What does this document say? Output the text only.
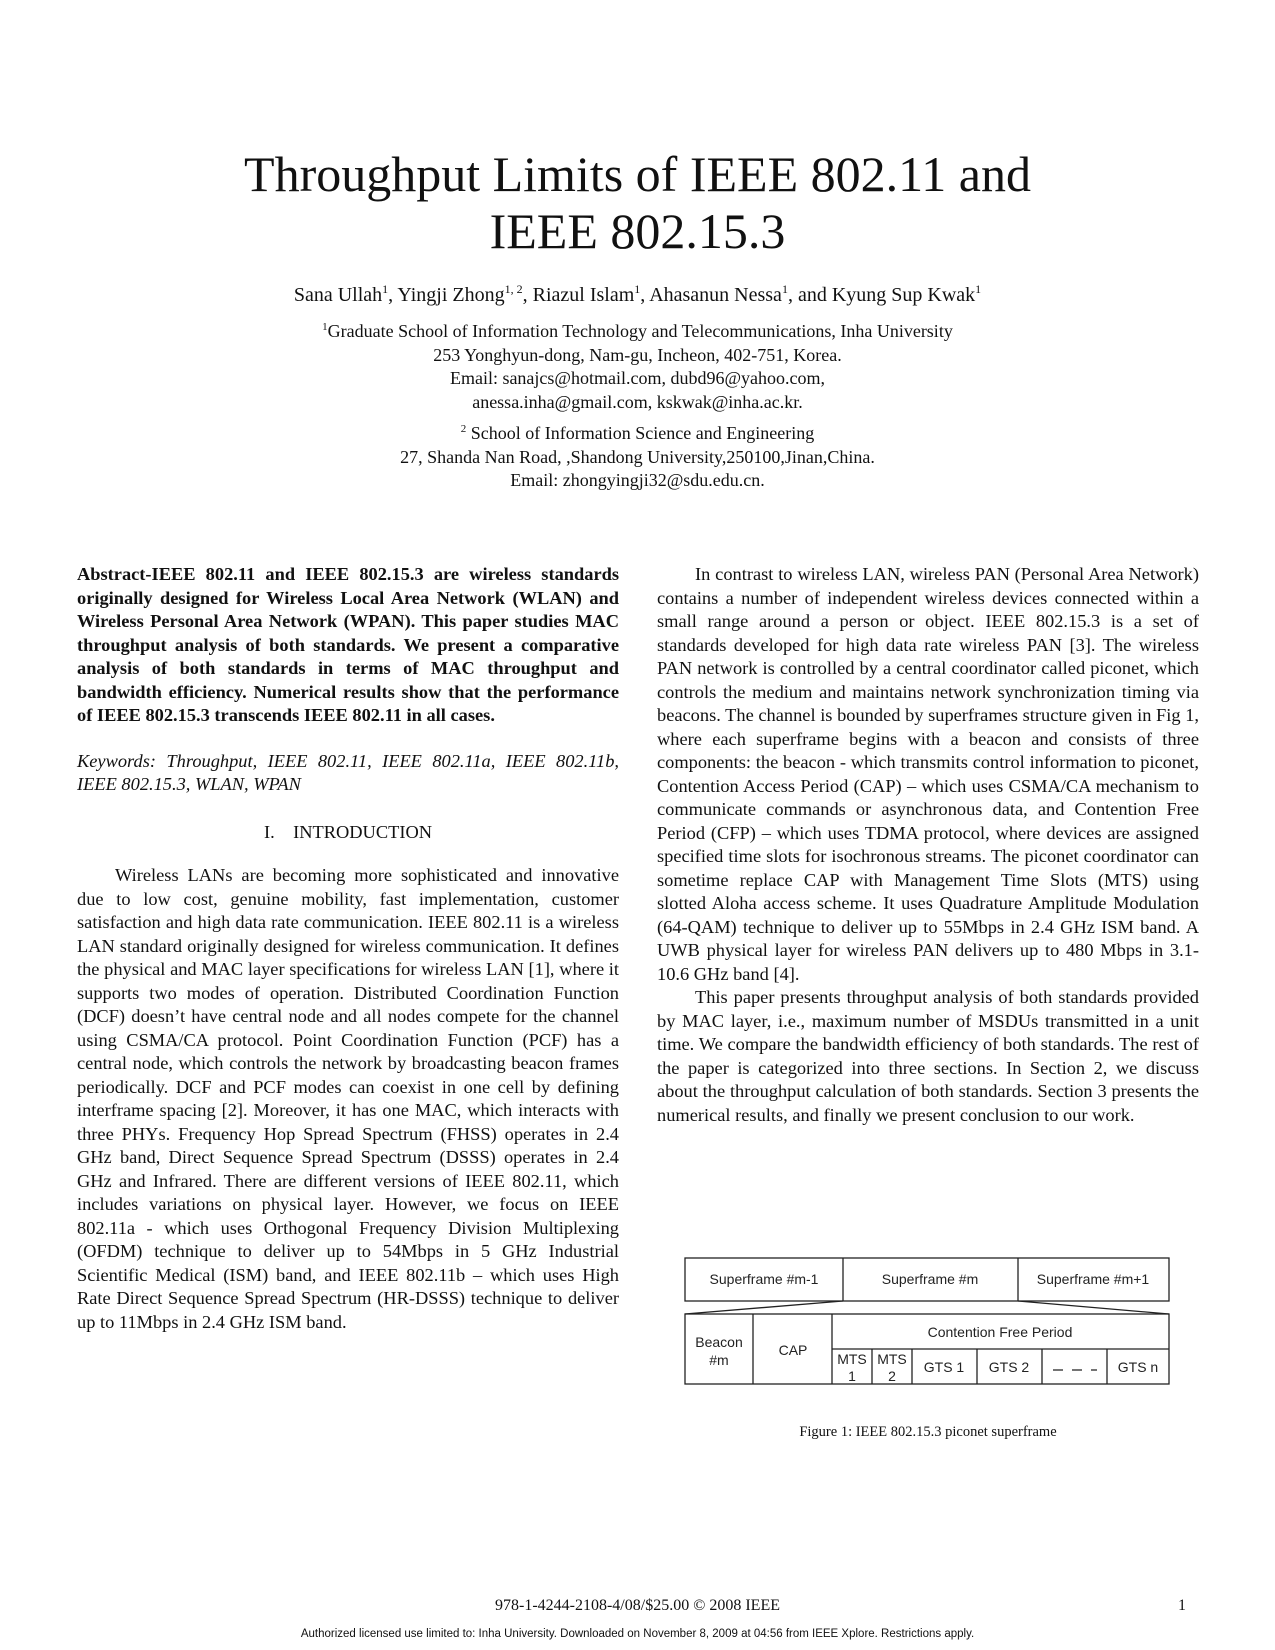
Throughput Limits of IEEE 802.11 and
IEEE 802.15.3
Sana Ullah$^1$, Yingji Zhong$^{1, 2}$, Riazul Islam$^1$, Ahasanun Nessa$^1$, and Kyung Sup Kwak$^1$
$^1$Graduate School of Information Technology and Telecommunications, Inha University
253 Yonghyun-dong, Nam-gu, Incheon, 402-751, Korea.
Email: sanajcs@hotmail.com, dubd96@yahoo.com,
anessa.inha@gmail.com, kskwak@inha.ac.kr.
$^2$ School of Information Science and Engineering
27, Shanda Nan Road, ,Shandong University,250100,Jinan,China.
Email: zhongyingji32@sdu.edu.cn.

Abstract-IEEE 802.11 and IEEE 802.15.3 are wireless standards originally designed for Wireless Local Area Network (WLAN) and Wireless Personal Area Network (WPAN). This paper studies MAC throughput analysis of both standards. We present a comparative analysis of both standards in terms of MAC throughput and bandwidth efficiency. Numerical results show that the performance of IEEE 802.15.3 transcends IEEE 802.11 in all cases.

Keywords: Throughput, IEEE 802.11, IEEE 802.11a, IEEE 802.11b, IEEE 802.15.3, WLAN, WPAN

I. INTRODUCTION

Wireless LANs are becoming more sophisticated and innovative due to low cost, genuine mobility, fast implementation, customer satisfaction and high data rate communication. IEEE 802.11 is a wireless LAN standard originally designed for wireless communication. It defines the physical and MAC layer specifications for wireless LAN [1], where it supports two modes of operation. Distributed Coordination Function (DCF) doesn’t have central node and all nodes compete for the channel using CSMA/CA protocol. Point Coordination Function (PCF) has a central node, which controls the network by broadcasting beacon frames periodically. DCF and PCF modes can coexist in one cell by defining interframe spacing [2]. Moreover, it has one MAC, which interacts with three PHYs. Frequency Hop Spread Spectrum (FHSS) operates in 2.4 GHz band, Direct Sequence Spread Spectrum (DSSS) operates in 2.4 GHz and Infrared. There are different versions of IEEE 802.11, which includes variations on physical layer. However, we focus on IEEE 802.11a - which uses Orthogonal Frequency Division Multiplexing (OFDM) technique to deliver up to 54Mbps in 5 GHz Industrial Scientific Medical (ISM) band, and IEEE 802.11b – which uses High Rate Direct Sequence Spread Spectrum (HR-DSSS) technique to deliver up to 11Mbps in 2.4 GHz ISM band.

In contrast to wireless LAN, wireless PAN (Personal Area Network) contains a number of independent wireless devices connected within a small range around a person or object. IEEE 802.15.3 is a set of standards developed for high data rate wireless PAN [3]. The wireless PAN network is controlled by a central coordinator called piconet, which controls the medium and maintains network synchronization timing via beacons. The channel is bounded by superframes structure given in Fig 1, where each superframe begins with a beacon and consists of three components: the beacon - which transmits control information to piconet, Contention Access Period (CAP) – which uses CSMA/CA mechanism to communicate commands or asynchronous data, and Contention Free Period (CFP) – which uses TDMA protocol, where devices are assigned specified time slots for isochronous streams. The piconet coordinator can sometime replace CAP with Management Time Slots (MTS) using slotted Aloha access scheme. It uses Quadrature Amplitude Modulation (64-QAM) technique to deliver up to 55Mbps in 2.4 GHz ISM band. A UWB physical layer for wireless PAN delivers up to 480 Mbps in 3.1-10.6 GHz band [4].

This paper presents throughput analysis of both standards provided by MAC layer, i.e., maximum number of MSDUs transmitted in a unit time. We compare the bandwidth efficiency of both standards. The rest of the paper is categorized into three sections. In Section 2, we discuss about the throughput calculation of both standards. Section 3 presents the numerical results, and finally we present conclusion to our work.

Superframe #m-1	Superframe #m	Superframe #m+1
Beacon
#m
CAP
Contention Free Period
MTS
1
MTS
2
GTS 1 GTS 2	GTS n
Figure 1: IEEE 802.15.3 piconet superframe
978-1-4244-2108-4/08/$25.00 © 2008 IEEE	1
Authorized licensed use limited to: Inha University. Downloaded on November 8, 2009 at 04:56 from IEEE Xplore. Restrictions apply.
